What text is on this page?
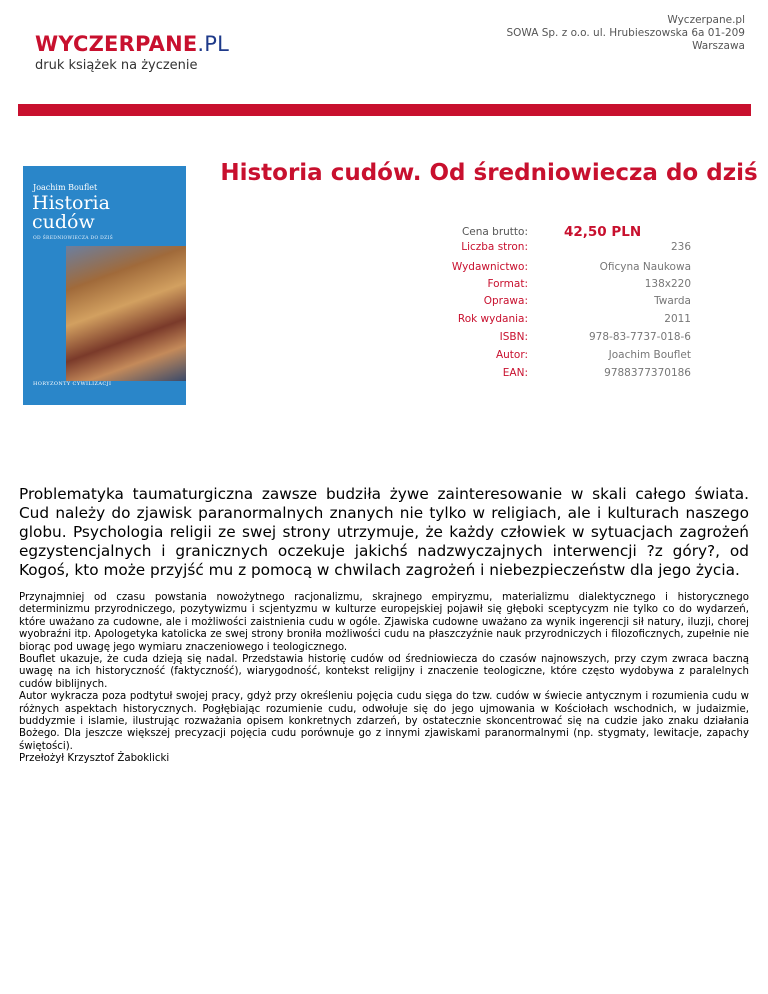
WYCZERPANE.PL
druk książek na życzenie
Wyczerpane.pl
SOWA Sp. z o.o. ul. Hrubieszowska 6a 01-209
Warszawa
Joachim Bouflet
Historia
cudów
OD ŚREDNIOWIECZA DO DZIŚ
HORYZONTY CYWILIZACJI
Historia cudów. Od średniowiecza do dziś
Cena brutto:	42,50 PLN
Liczba stron:	236
Wydawnictwo:	Oficyna Naukowa
Format:	138x220
Oprawa:	Twarda
Rok wydania:	2011
ISBN:	978-83-7737-018-6
Autor:	Joachim Bouflet
EAN:	9788377370186
Problematyka taumaturgiczna zawsze budziła żywe zainteresowanie w skali całego świata. Cud należy do zjawisk paranormalnych znanych nie tylko w religiach, ale i kulturach naszego globu. Psychologia religii ze swej strony utrzymuje, że każdy człowiek w sytuacjach zagrożeń egzystencjalnych i granicznych oczekuje jakichś nadzwyczajnych interwencji ?z góry?, od Kogoś, kto może przyjść mu z pomocą w chwilach zagrożeń i niebezpieczeństw dla jego życia.

Przynajmniej od czasu powstania nowożytnego racjonalizmu, skrajnego empiryzmu, materializmu dialektycznego i historycznego determinizmu przyrodniczego, pozytywizmu i scjentyzmu w kulturze europejskiej pojawił się głęboki sceptycyzm nie tylko co do wydarzeń, które uważano za cudowne, ale i możliwości zaistnienia cudu w ogóle. Zjawiska cudowne uważano za wynik ingerencji sił natury, iluzji, chorej wyobraźni itp. Apologetyka katolicka ze swej strony broniła możliwości cudu na płaszczyźnie nauk przyrodniczych i filozoficznych, zupełnie nie biorąc pod uwagę jego wymiaru znaczeniowego i teologicznego.

Bouflet ukazuje, że cuda dzieją się nadal. Przedstawia historię cudów od średniowiecza do czasów najnowszych, przy czym zwraca baczną uwagę na ich historyczność (faktyczność), wiarygodność, kontekst religijny i znaczenie teologiczne, które często wydobywa z paralelnych cudów biblijnych.

Autor wykracza poza podtytuł swojej pracy, gdyż przy określeniu pojęcia cudu sięga do tzw. cudów w świecie antycznym i rozumienia cudu w różnych aspektach historycznych. Pogłębiając rozumienie cudu, odwołuje się do jego ujmowania w Kościołach wschodnich, w judaizmie, buddyzmie i islamie, ilustrując rozważania opisem konkretnych zdarzeń, by ostatecznie skoncentrować się na cudzie jako znaku działania Bożego. Dla jeszcze większej precyzacji pojęcia cudu porównuje go z innymi zjawiskami paranormalnymi (np. stygmaty, lewitacje, zapachy świętości).

Przełożył Krzysztof Żaboklicki
